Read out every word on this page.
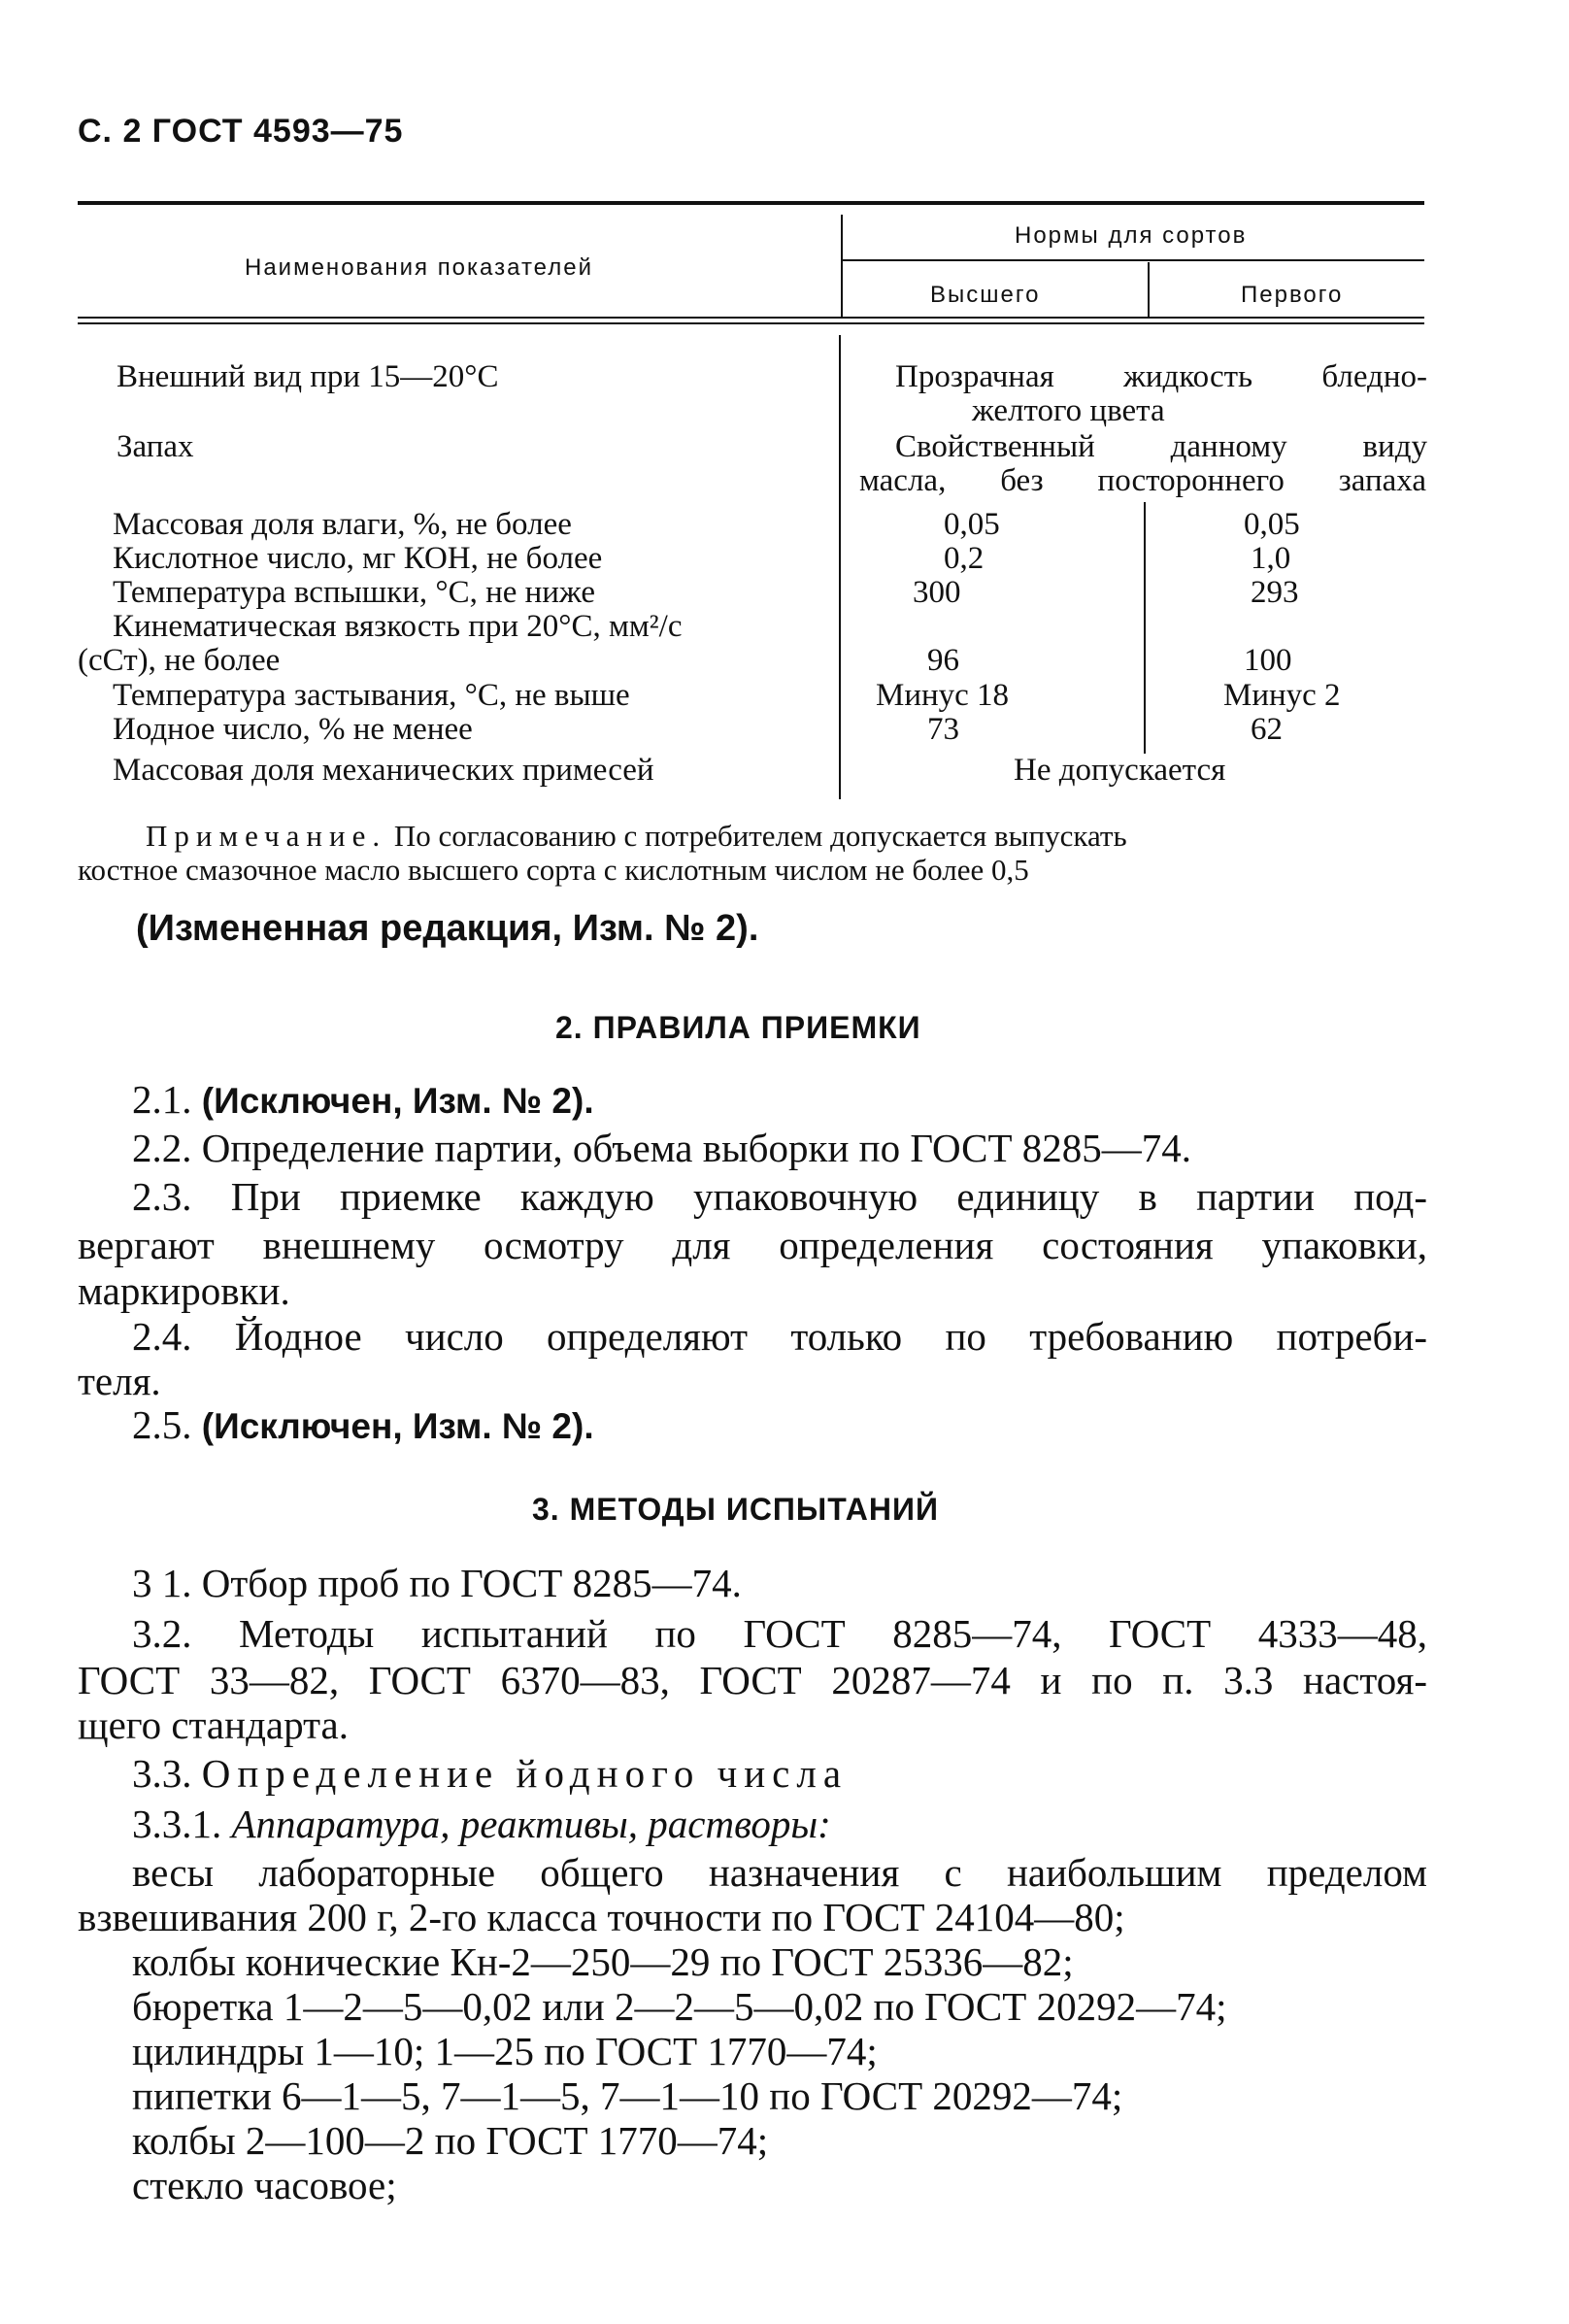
С. 2 ГОСТ 4593—75
Наименования показателей
Нормы для сортов
Высшего	Первого
Внешний вид при 15—20°С	Прозрачная жидкость бледно-
желтого цвета
Запах	Свойственный данному виду
масла, без постороннего запаха
Массовая доля влаги, %, не более	0,05	0,05
Кислотное число, мг КОН, не более	0,2	1,0
Температура вспышки, °С, не ниже	300	293
Кинематическая вязкость при 20°С, мм²/с
(сСт), не более	96	100
Температура застывания, °С, не выше	Минус 18	Минус 2
Иодное число, % не менее	73	62
Массовая доля механических примесей	Не допускается
Примечание. По согласованию с потребителем допускается выпускать
костное смазочное масло высшего сорта с кислотным числом не более 0,5
(Измененная редакция, Изм. № 2).
2. ПРАВИЛА ПРИЕМКИ
2.1. (Исключен, Изм. № 2).
2.2. Определение партии, объема выборки по ГОСТ 8285—74.
2.3. При приемке каждую упаковочную единицу в партии под-
вергают внешнему осмотру для определения состояния упаковки,
маркировки.
2.4. Йодное число определяют только по требованию потреби-
теля.
2.5. (Исключен, Изм. № 2).
3. МЕТОДЫ ИСПЫТАНИЙ
3 1. Отбор проб по ГОСТ 8285—74.
3.2. Методы испытаний по ГОСТ 8285—74, ГОСТ 4333—48,
ГОСТ 33—82, ГОСТ 6370—83, ГОСТ 20287—74 и по п. 3.3 настоя-
щего стандарта.
3.3. Определение йодного числа
3.3.1. Аппаратура, реактивы, растворы:
весы лабораторные общего назначения с наибольшим пределом
взвешивания 200 г, 2-го класса точности по ГОСТ 24104—80;
колбы конические Кн-2—250—29 по ГОСТ 25336—82;
бюретка 1—2—5—0,02 или 2—2—5—0,02 по ГОСТ 20292—74;
цилиндры 1—10; 1—25 по ГОСТ 1770—74;
пипетки 6—1—5, 7—1—5, 7—1—10 по ГОСТ 20292—74;
колбы 2—100—2 по ГОСТ 1770—74;
стекло часовое;
